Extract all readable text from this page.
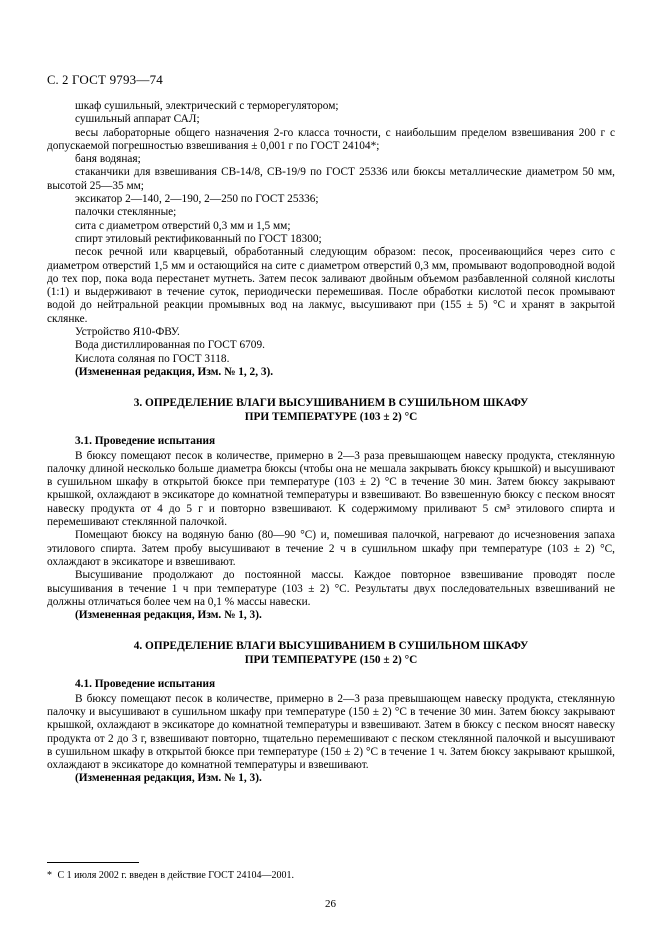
С. 2 ГОСТ 9793—74

шкаф сушильный, электрический с терморегулятором;

сушильный аппарат САЛ;

весы лабораторные общего назначения 2-го класса точности, с наибольшим пределом взвешивания 200 г с допускаемой погрешностью взвешивания ± 0,001 г по ГОСТ 24104*;

баня водяная;

стаканчики для взвешивания СВ-14/8, СВ-19/9 по ГОСТ 25336 или бюксы металлические диаметром 50 мм, высотой 25—35 мм;

эксикатор 2—140, 2—190, 2—250 по ГОСТ 25336;

палочки стеклянные;

сита с диаметром отверстий 0,3 мм и 1,5 мм;

спирт этиловый ректификованный по ГОСТ 18300;

песок речной или кварцевый, обработанный следующим образом: песок, просеивающийся через сито с диаметром отверстий 1,5 мм и остающийся на сите с диаметром отверстий 0,3 мм, промывают водопроводной водой до тех пор, пока вода перестанет мутнеть. Затем песок заливают двойным объемом разбавленной соляной кислоты (1:1) и выдерживают в течение суток, периодически перемешивая. После обработки кислотой песок промывают водой до нейтральной реакции промывных вод на лакмус, высушивают при (155 ± 5) °С и хранят в закрытой склянке.

Устройство Я10-ФВУ.

Вода дистиллированная по ГОСТ 6709.

Кислота соляная по ГОСТ 3118.

(Измененная редакция, Изм. № 1, 2, 3).

3. ОПРЕДЕЛЕНИЕ ВЛАГИ ВЫСУШИВАНИЕМ В СУШИЛЬНОМ ШКАФУ
ПРИ ТЕМПЕРАТУРЕ (103 ± 2) °С

3.1. Проведение испытания

В бюксу помещают песок в количестве, примерно в 2—3 раза превышающем навеску продукта, стеклянную палочку длиной несколько больше диаметра бюксы (чтобы она не мешала закрывать бюксу крышкой) и высушивают в сушильном шкафу в открытой бюксе при температуре (103 ± 2) °С в течение 30 мин. Затем бюксу закрывают крышкой, охлаждают в эксикаторе до комнатной температуры и взвешивают. Во взвешенную бюксу с песком вносят навеску продукта от 4 до 5 г и повторно взвешивают. К содержимому приливают 5 см³ этилового спирта и перемешивают стеклянной палочкой.

Помещают бюксу на водяную баню (80—90 °С) и, помешивая палочкой, нагревают до исчезновения запаха этилового спирта. Затем пробу высушивают в течение 2 ч в сушильном шкафу при температуре (103 ± 2) °С, охлаждают в эксикаторе и взвешивают.

Высушивание продолжают до постоянной массы. Каждое повторное взвешивание проводят после высушивания в течение 1 ч при температуре (103 ± 2) °С. Результаты двух последовательных взвешиваний не должны отличаться более чем на 0,1 % массы навески.

(Измененная редакция, Изм. № 1, 3).

4. ОПРЕДЕЛЕНИЕ ВЛАГИ ВЫСУШИВАНИЕМ В СУШИЛЬНОМ ШКАФУ
ПРИ ТЕМПЕРАТУРЕ (150 ± 2) °С

4.1. Проведение испытания

В бюксу помещают песок в количестве, примерно в 2—3 раза превышающем навеску продукта, стеклянную палочку и высушивают в сушильном шкафу при температуре (150 ± 2) °С в течение 30 мин. Затем бюксу закрывают крышкой, охлаждают в эксикаторе до комнатной температуры и взвешивают. Затем в бюксу с песком вносят навеску продукта от 2 до 3 г, взвешивают повторно, тщательно перемешивают с песком стеклянной палочкой и высушивают в сушильном шкафу в открытой бюксе при температуре (150 ± 2) °С в течение 1 ч. Затем бюксу закрывают крышкой, охлаждают в эксикаторе до комнатной температуры и взвешивают.

(Измененная редакция, Изм. № 1, 3).

* С 1 июля 2002 г. введен в действие ГОСТ 24104—2001.
26
